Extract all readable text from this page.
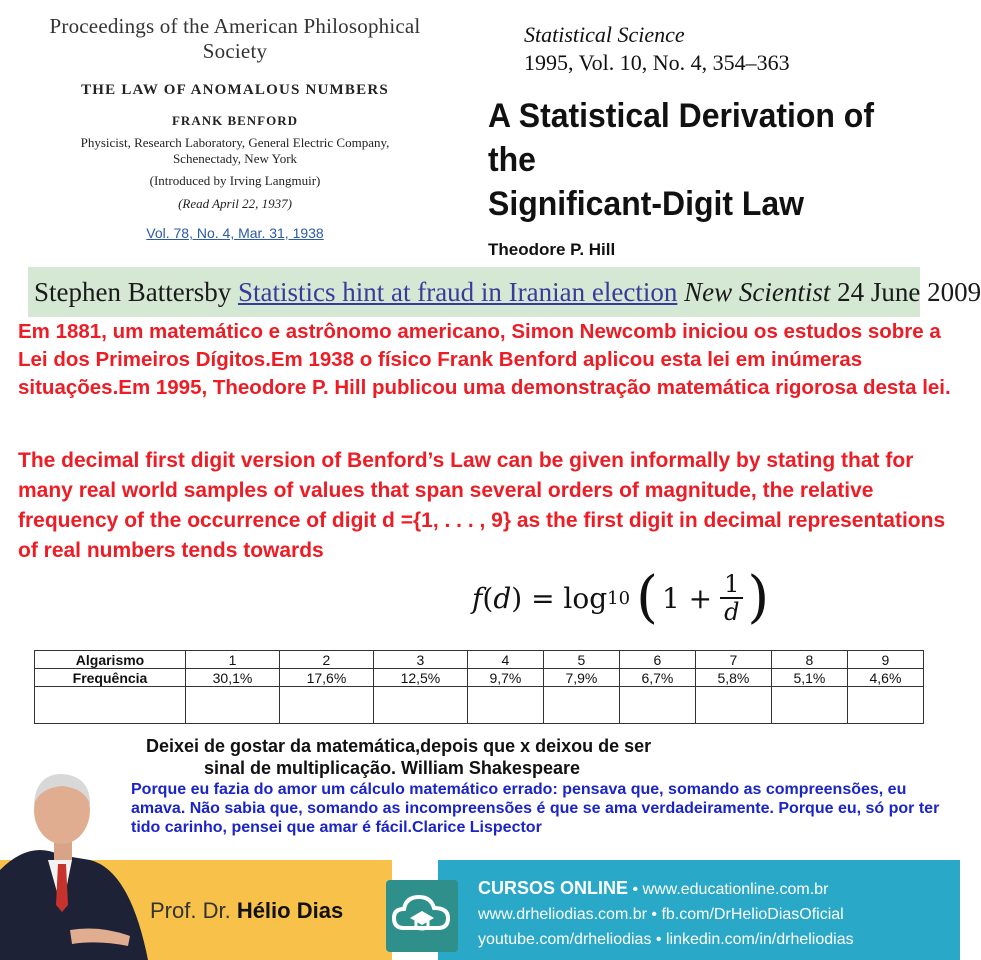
Proceedings of the American Philosophical Society
THE LAW OF ANOMALOUS NUMBERS
FRANK BENFORD
Physicist, Research Laboratory, General Electric Company,
Schenectady, New York
(Introduced by Irving Langmuir)
(Read April 22, 1937)
Vol. 78, No. 4, Mar. 31, 1938
Statistical Science
1995, Vol. 10, No. 4, 354–363
A Statistical Derivation of the
Significant-Digit Law
Theodore P. Hill
Stephen Battersby Statistics hint at fraud in Iranian election New Scientist 24 June 2009
Em 1881, um matemático e astrônomo americano, Simon Newcomb iniciou os estudos sobre a Lei dos Primeiros Dígitos.Em 1938 o físico Frank Benford aplicou esta lei em inúmeras situações.Em 1995, Theodore P. Hill publicou uma demonstração matemática rigorosa desta lei.
The decimal first digit version of Benford’s Law can be given informally by stating that for many real world samples of values that span several orders of magnitude, the relative frequency of the occurrence of digit d ={1, . . . , 9} as the first digit in decimal representations of real numbers tends towards
f(d) = log 10 ( $1 + \frac{1}{d}$ )
Algarismo	1	2	3	4	5	6	7	8	9
Frequência	30,1%	17,6%	12,5%	9,7%	7,9%	6,7%	5,8%	5,1%	4,6%

Deixei de gostar da matemática,depois que x deixou de ser
sinal de multiplicação. William Shakespeare
Porque eu fazia do amor um cálculo matemático errado: pensava que, somando as compreensões, eu amava. Não sabia que, somando as incompreensões é que se ama verdadeiramente. Porque eu, só por ter tido carinho, pensei que amar é fácil.Clarice Lispector
Prof. Dr. Hélio Dias
CURSOS ONLINE • www.educationline.com.br
www.drheliodias.com.br • fb.com/DrHelioDiasOficial
youtube.com/drheliodias • linkedin.com/in/drheliodias
